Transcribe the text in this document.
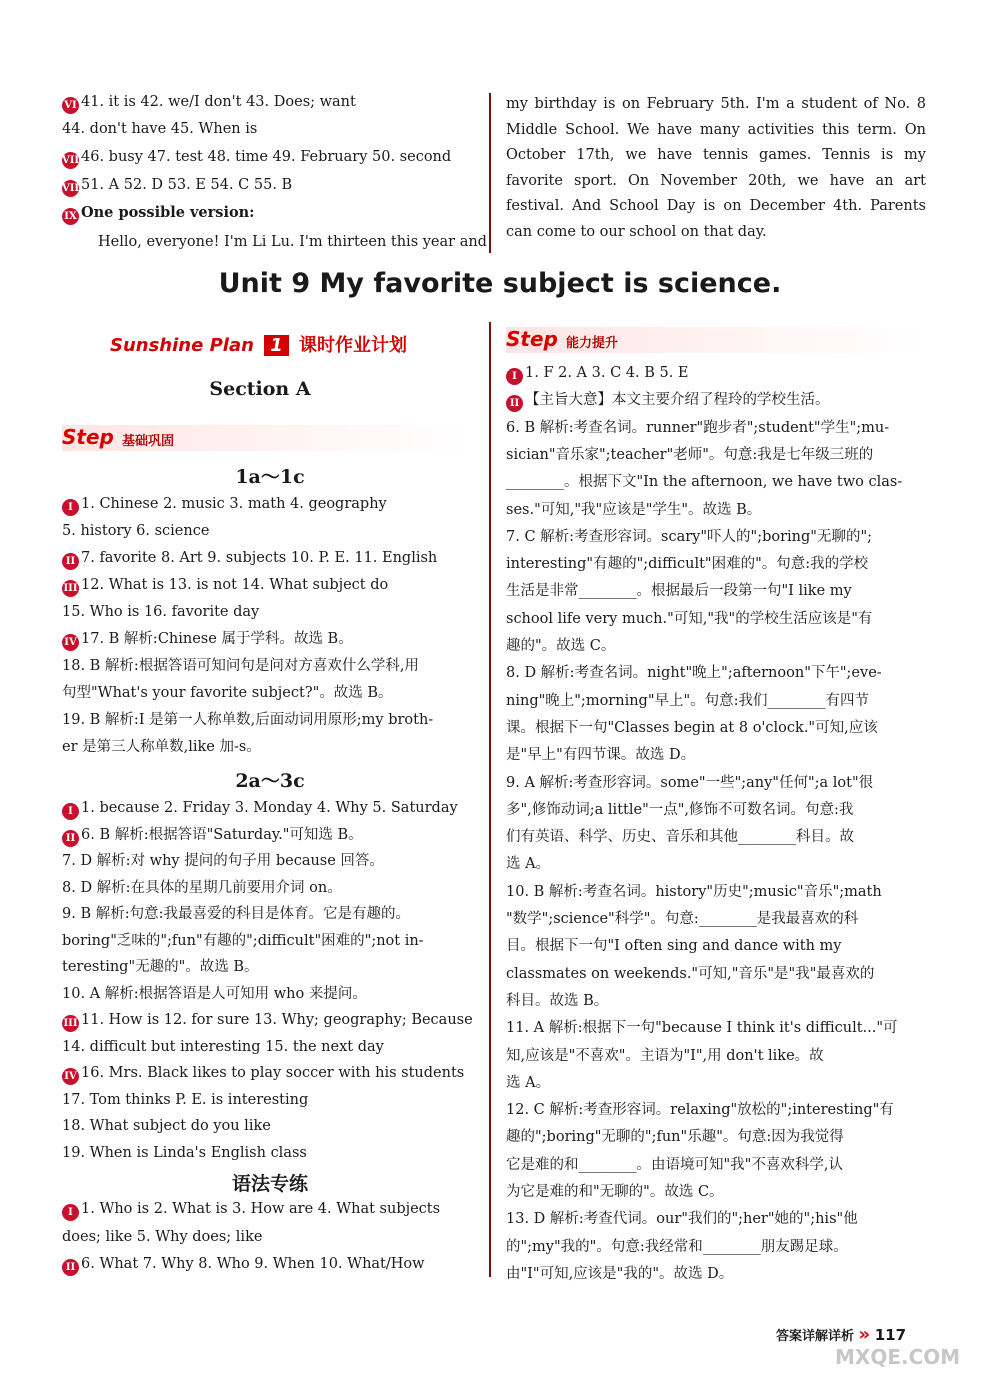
VI 41. it is 42. we/I don't 43. Does; want
44. don't have 45. When is
VII 46. busy 47. test 48. time 49. February 50. second
VIII51. A 52. D 53. E 54. C 55. B
IX One possible version:
Hello, everyone! I'm Li Lu. I'm thirteen this year and
my birthday is on February 5th. I'm a student of No. 8 Middle School. We have many activities this term. On October 17th, we have tennis games. Tennis is my favorite sport. On November 20th, we have an art festival. And School Day is on December 4th. Parents can come to our school on that day.
Unit 9 My favorite subject is science.
Sunshine Plan 1 课时作业计划
Section A
Step 基础巩固
1a～1c
I 1. Chinese 2. music 3. math 4. geography
5. history 6. science
II 7. favorite 8. Art 9. subjects 10. P. E. 11. English
III 12. What is 13. is not 14. What subject do
15. Who is 16. favorite day
IV 17. B 解析:Chinese 属于学科。故选 B。
18. B 解析:根据答语可知问句是问对方喜欢什么学科,用
句型"What's your favorite subject?"。故选 B。
19. B 解析:I 是第一人称单数,后面动词用原形;my broth-
er 是第三人称单数,like 加-s。
2a～3c
I 1. because 2. Friday 3. Monday 4. Why 5. Saturday
II 6. B 解析:根据答语"Saturday."可知选 B。
7. D 解析:对 why 提问的句子用 because 回答。
8. D 解析:在具体的星期几前要用介词 on。
9. B 解析:句意:我最喜爱的科目是体育。它是有趣的。
boring"乏味的";fun"有趣的";difficult"困难的";not in-
teresting"无趣的"。故选 B。
10. A 解析:根据答语是人可知用 who 来提问。
III 11. How is 12. for sure 13. Why; geography; Because
14. difficult but interesting 15. the next day
IV 16. Mrs. Black likes to play soccer with his students
17. Tom thinks P. E. is interesting
18. What subject do you like
19. When is Linda's English class
语法专练
I 1. Who is 2. What is 3. How are 4. What subjects
does; like 5. Why does; like
II 6. What 7. Why 8. Who 9. When 10. What/How
Step 能力提升
I 1. F 2. A 3. C 4. B 5. E
II 【主旨大意】本文主要介绍了程玲的学校生活。
6. B 解析:考查名词。runner"跑步者";student"学生";mu-
sician"音乐家";teacher"老师"。句意:我是七年级三班的
________。根据下文"In the afternoon, we have two clas-
ses."可知,"我"应该是"学生"。故选 B。
7. C 解析:考查形容词。scary"吓人的";boring"无聊的";
interesting"有趣的";difficult"困难的"。句意:我的学校
生活是非常________。根据最后一段第一句"I like my
school life very much."可知,"我"的学校生活应该是"有
趣的"。故选 C。
8. D 解析:考查名词。night"晚上";afternoon"下午";eve-
ning"晚上";morning"早上"。句意:我们________有四节
课。根据下一句"Classes begin at 8 o'clock."可知,应该
是"早上"有四节课。故选 D。
9. A 解析:考查形容词。some"一些";any"任何";a lot"很
多",修饰动词;a little"一点",修饰不可数名词。句意:我
们有英语、科学、历史、音乐和其他________科目。故
选 A。
10. B 解析:考查名词。history"历史";music"音乐";math
"数学";science"科学"。句意:________是我最喜欢的科
目。根据下一句"I often sing and dance with my
classmates on weekends."可知,"音乐"是"我"最喜欢的
科目。故选 B。
11. A 解析:根据下一句"because I think it's difficult..."可
知,应该是"不喜欢"。主语为"I",用 don't like。故
选 A。
12. C 解析:考查形容词。relaxing"放松的";interesting"有
趣的";boring"无聊的";fun"乐趣"。句意:因为我觉得
它是难的和________。由语境可知"我"不喜欢科学,认
为它是难的和"无聊的"。故选 C。
13. D 解析:考查代词。our"我们的";her"她的";his"他
的";my"我的"。句意:我经常和________朋友踢足球。
由"I"可知,应该是"我的"。故选 D。
答案详解详析 » 117
MXQE.COM
